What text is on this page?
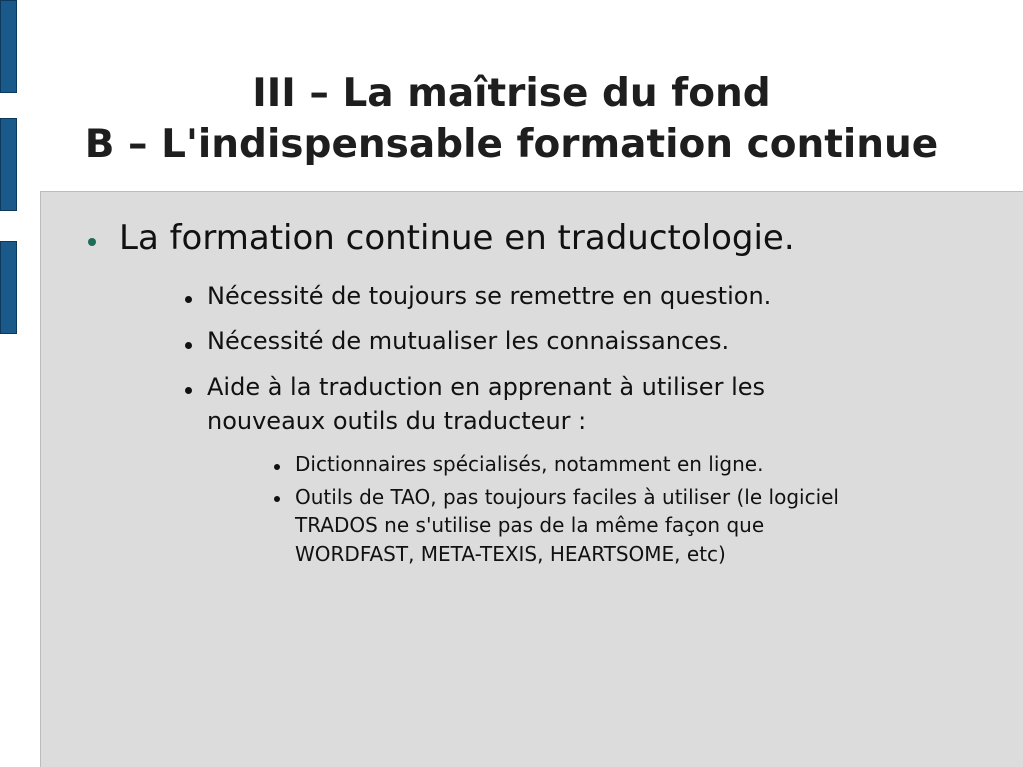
III – La maîtrise du fond
B – L'indispensable formation continue
La formation continue en traductologie.
Nécessité de toujours se remettre en question.
Nécessité de mutualiser les connaissances.
Aide à la traduction en apprenant à utiliser les
nouveaux outils du traducteur :
Dictionnaires spécialisés, notamment en ligne.
Outils de TAO, pas toujours faciles à utiliser (le logiciel
TRADOS ne s'utilise pas de la même façon que
WORDFAST, META-TEXIS, HEARTSOME, etc)
